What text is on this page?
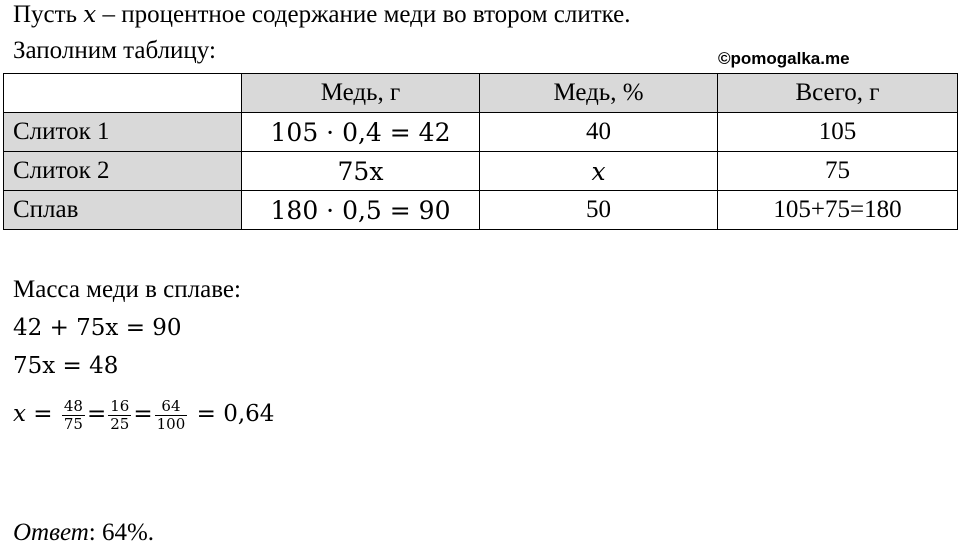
Пусть x – процентное содержание меди во втором слитке.
Заполним таблицу:	©pomogalka.me
	Медь, г	Медь, %	Всего, г
Слиток 1	105 · 0,4 = 42	40	105
Слиток 2	75x	x	75
Сплав	180 · 0,5 = 90	50	105+75=180
Масса меди в сплаве:
42 + 75x = 90
75x = 48
$x = \frac{48}{75} = \frac{16}{25} = \frac{64}{100} = 0,64$
Ответ: 64%.
